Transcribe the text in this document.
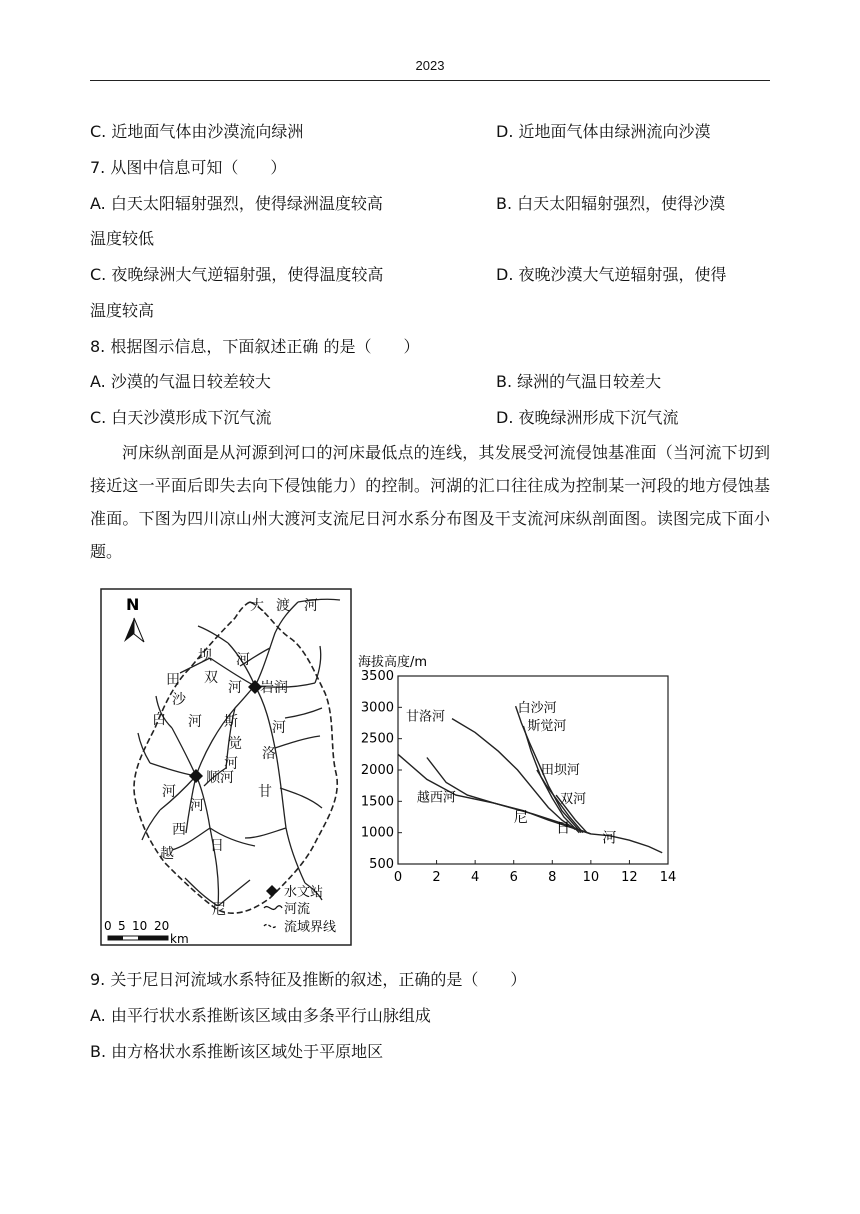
2023
C. 近地面气体由沙漠流向绿洲	D. 近地面气体由绿洲流向沙漠
7. 从图中信息可知（　　）
A. 白天太阳辐射强烈，使得绿洲温度较高	B. 白天太阳辐射强烈，使得沙漠
温度较低
C. 夜晚绿洲大气逆辐射强，使得温度较高	D. 夜晚沙漠大气逆辐射强，使得
温度较高
8. 根据图示信息，下面叙述正确 的是（　　）
A. 沙漠的气温日较差较大	B. 绿洲的气温日较差大
C. 白天沙漠形成下沉气流	D. 夜晚绿洲形成下沉气流
河床纵剖面是从河源到河口的河床最低点的连线，其发展受河流侵蚀基准面（当河流下切到接近这一平面后即失去向下侵蚀能力）的控制。河湖的汇口往往成为控制某一河段的地方侵蚀基准面。下图为四川凉山州大渡河支流尼日河水系分布图及干支流河床纵剖面图。读图完成下面小题。
N	大 渡 河
坝 河
双
河
田
沙
白 河 斯
觉
河
岩润
河
洛
甘
顺河
河
河
西
越	日
尼
水文站
河流
流域界线
0 5 10 20
km
海拔高度/m
500
1000
1500
2000
2500
3000
3500
0 2 4 6 8 10 12 14
甘洛河
白沙河
斯觉河
田坝河
双河
越西河
尼
日
河
9. 关于尼日河流域水系特征及推断的叙述，正确的是（　　）
A. 由平行状水系推断该区域由多条平行山脉组成
B. 由方格状水系推断该区域处于平原地区
